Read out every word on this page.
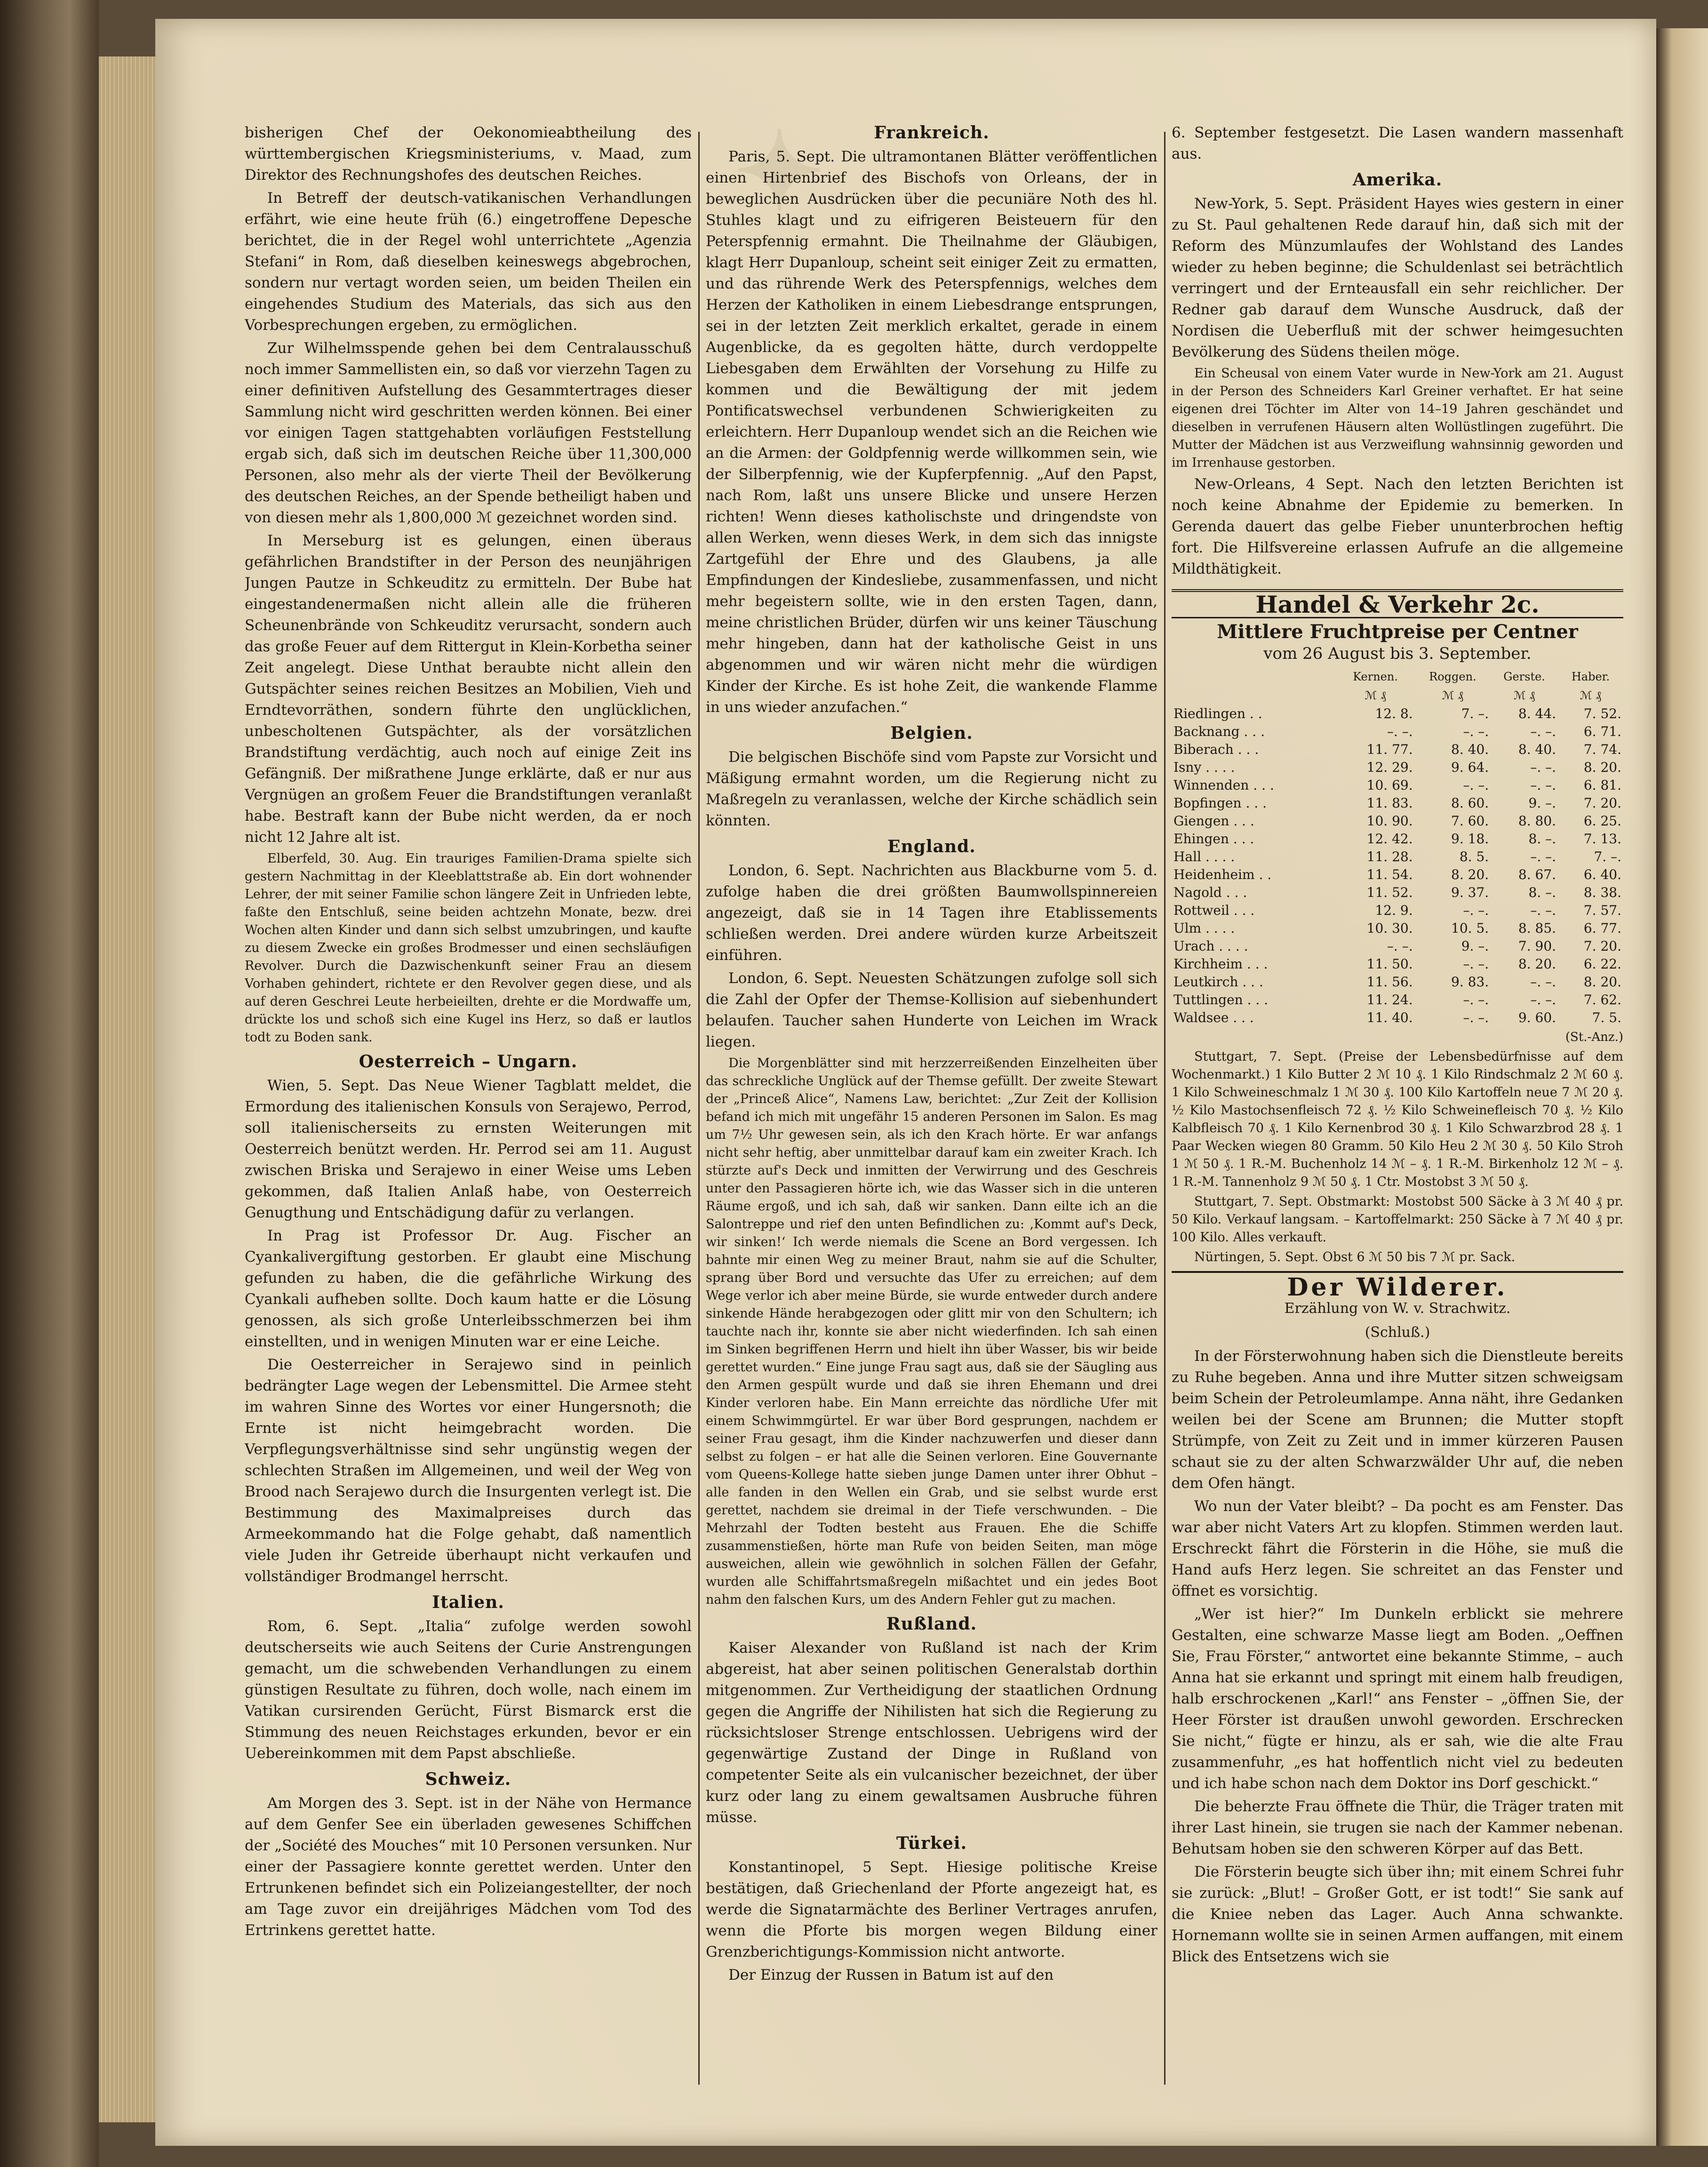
✦

bisherigen Chef der Oekonomieabtheilung des württembergischen Kriegsministeriums, v. Maad, zum Direktor des Rechnungshofes des deutschen Reiches.

In Betreff der deutsch-vatikanischen Verhandlungen erfährt, wie eine heute früh (6.) eingetroffene Depesche berichtet, die in der Regel wohl unterrichtete „Agenzia Stefani“ in Rom, daß dieselben keineswegs abgebrochen, sondern nur vertagt worden seien, um beiden Theilen ein eingehendes Studium des Materials, das sich aus den Vorbesprechungen ergeben, zu ermöglichen.

Zur Wilhelmsspende gehen bei dem Centralausschuß noch immer Sammellisten ein, so daß vor vierzehn Tagen zu einer definitiven Aufstellung des Gesammtertrages dieser Sammlung nicht wird geschritten werden können. Bei einer vor einigen Tagen stattgehabten vorläufigen Feststellung ergab sich, daß sich im deutschen Reiche über 11,300,000 Personen, also mehr als der vierte Theil der Bevölkerung des deutschen Reiches, an der Spende betheiligt haben und von diesen mehr als 1,800,000 ℳ gezeichnet worden sind.

In Merseburg ist es gelungen, einen überaus gefährlichen Brandstifter in der Person des neunjährigen Jungen Pautze in Schkeuditz zu ermitteln. Der Bube hat eingestandenermaßen nicht allein alle die früheren Scheunenbrände von Schkeuditz verursacht, sondern auch das große Feuer auf dem Rittergut in Klein-Korbetha seiner Zeit angelegt. Diese Unthat beraubte nicht allein den Gutspächter seines reichen Besitzes an Mobilien, Vieh und Erndtevorräthen, sondern führte den unglücklichen, unbescholtenen Gutspächter, als der vorsätzlichen Brandstiftung verdächtig, auch noch auf einige Zeit ins Gefängniß. Der mißrathene Junge erklärte, daß er nur aus Vergnügen an großem Feuer die Brandstiftungen veranlaßt habe. Bestraft kann der Bube nicht werden, da er noch nicht 12 Jahre alt ist.

Elberfeld, 30. Aug. Ein trauriges Familien-Drama spielte sich gestern Nachmittag in der Kleeblattstraße ab. Ein dort wohnender Lehrer, der mit seiner Familie schon längere Zeit in Unfrieden lebte, faßte den Entschluß, seine beiden achtzehn Monate, bezw. drei Wochen alten Kinder und dann sich selbst umzubringen, und kaufte zu diesem Zwecke ein großes Brodmesser und einen sechsläufigen Revolver. Durch die Dazwischenkunft seiner Frau an diesem Vorhaben gehindert, richtete er den Revolver gegen diese, und als auf deren Geschrei Leute herbeieilten, drehte er die Mordwaffe um, drückte los und schoß sich eine Kugel ins Herz, so daß er lautlos todt zu Boden sank.

Oesterreich – Ungarn.

Wien, 5. Sept. Das Neue Wiener Tagblatt meldet, die Ermordung des italienischen Konsuls von Serajewo, Perrod, soll italienischerseits zu ernsten Weiterungen mit Oesterreich benützt werden. Hr. Perrod sei am 11. August zwischen Briska und Serajewo in einer Weise ums Leben gekommen, daß Italien Anlaß habe, von Oesterreich Genugthung und Entschädigung dafür zu verlangen.

In Prag ist Professor Dr. Aug. Fischer an Cyankalivergiftung gestorben. Er glaubt eine Mischung gefunden zu haben, die die gefährliche Wirkung des Cyankali aufheben sollte. Doch kaum hatte er die Lösung genossen, als sich große Unterleibsschmerzen bei ihm einstellten, und in wenigen Minuten war er eine Leiche.

Die Oesterreicher in Serajewo sind in peinlich bedrängter Lage wegen der Lebensmittel. Die Armee steht im wahren Sinne des Wortes vor einer Hungersnoth; die Ernte ist nicht heimgebracht worden. Die Verpflegungsverhältnisse sind sehr ungünstig wegen der schlechten Straßen im Allgemeinen, und weil der Weg von Brood nach Serajewo durch die Insurgenten verlegt ist. Die Bestimmung des Maximalpreises durch das Armeekommando hat die Folge gehabt, daß namentlich viele Juden ihr Getreide überhaupt nicht verkaufen und vollständiger Brodmangel herrscht.

Italien.

Rom, 6. Sept. „Italia“ zufolge werden sowohl deutscherseits wie auch Seitens der Curie Anstrengungen gemacht, um die schwebenden Verhandlungen zu einem günstigen Resultate zu führen, doch wolle, nach einem im Vatikan cursirenden Gerücht, Fürst Bismarck erst die Stimmung des neuen Reichstages erkunden, bevor er ein Uebereinkommen mit dem Papst abschließe.

Schweiz.

Am Morgen des 3. Sept. ist in der Nähe von Hermance auf dem Genfer See ein überladen gewesenes Schiffchen der „Société des Mouches“ mit 10 Personen versunken. Nur einer der Passagiere konnte gerettet werden. Unter den Ertrunkenen befindet sich ein Polizeiangestellter, der noch am Tage zuvor ein dreijähriges Mädchen vom Tod des Ertrinkens gerettet hatte.

Frankreich.

Paris, 5. Sept. Die ultramontanen Blätter veröffentlichen einen Hirtenbrief des Bischofs von Orleans, der in beweglichen Ausdrücken über die pecuniäre Noth des hl. Stuhles klagt und zu eifrigeren Beisteuern für den Peterspfennig ermahnt. Die Theilnahme der Gläubigen, klagt Herr Dupanloup, scheint seit einiger Zeit zu ermatten, und das rührende Werk des Peterspfennigs, welches dem Herzen der Katholiken in einem Liebesdrange entsprungen, sei in der letzten Zeit merklich erkaltet, gerade in einem Augenblicke, da es gegolten hätte, durch verdoppelte Liebesgaben dem Erwählten der Vorsehung zu Hilfe zu kommen und die Bewältigung der mit jedem Pontificatswechsel verbundenen Schwierigkeiten zu erleichtern. Herr Dupanloup wendet sich an die Reichen wie an die Armen: der Goldpfennig werde willkommen sein, wie der Silberpfennig, wie der Kupferpfennig. „Auf den Papst, nach Rom, laßt uns unsere Blicke und unsere Herzen richten! Wenn dieses katholischste und dringendste von allen Werken, wenn dieses Werk, in dem sich das innigste Zartgefühl der Ehre und des Glaubens, ja alle Empfindungen der Kindesliebe, zusammenfassen, und nicht mehr begeistern sollte, wie in den ersten Tagen, dann, meine christlichen Brüder, dürfen wir uns keiner Täuschung mehr hingeben, dann hat der katholische Geist in uns abgenommen und wir wären nicht mehr die würdigen Kinder der Kirche. Es ist hohe Zeit, die wankende Flamme in uns wieder anzufachen.“

Belgien.

Die belgischen Bischöfe sind vom Papste zur Vorsicht und Mäßigung ermahnt worden, um die Regierung nicht zu Maßregeln zu veranlassen, welche der Kirche schädlich sein könnten.

England.

London, 6. Sept. Nachrichten aus Blackburne vom 5. d. zufolge haben die drei größten Baumwollspinnereien angezeigt, daß sie in 14 Tagen ihre Etablissements schließen werden. Drei andere würden kurze Arbeitszeit einführen.

London, 6. Sept. Neuesten Schätzungen zufolge soll sich die Zahl der Opfer der Themse-Kollision auf siebenhundert belaufen. Taucher sahen Hunderte von Leichen im Wrack liegen.

Die Morgenblätter sind mit herzzerreißenden Einzelheiten über das schreckliche Unglück auf der Themse gefüllt. Der zweite Stewart der „Princeß Alice“, Namens Law, berichtet: „Zur Zeit der Kollision befand ich mich mit ungefähr 15 anderen Personen im Salon. Es mag um 7½ Uhr gewesen sein, als ich den Krach hörte. Er war anfangs nicht sehr heftig, aber unmittelbar darauf kam ein zweiter Krach. Ich stürzte auf's Deck und inmitten der Verwirrung und des Geschreis unter den Passagieren hörte ich, wie das Wasser sich in die unteren Räume ergoß, und ich sah, daß wir sanken. Dann eilte ich an die Salontreppe und rief den unten Befindlichen zu: ‚Kommt auf's Deck, wir sinken!‘ Ich werde niemals die Scene an Bord vergessen. Ich bahnte mir einen Weg zu meiner Braut, nahm sie auf die Schulter, sprang über Bord und versuchte das Ufer zu erreichen; auf dem Wege verlor ich aber meine Bürde, sie wurde entweder durch andere sinkende Hände herabgezogen oder glitt mir von den Schultern; ich tauchte nach ihr, konnte sie aber nicht wiederfinden. Ich sah einen im Sinken begriffenen Herrn und hielt ihn über Wasser, bis wir beide gerettet wurden.“ Eine junge Frau sagt aus, daß sie der Säugling aus den Armen gespült wurde und daß sie ihren Ehemann und drei Kinder verloren habe. Ein Mann erreichte das nördliche Ufer mit einem Schwimmgürtel. Er war über Bord gesprungen, nachdem er seiner Frau gesagt, ihm die Kinder nachzuwerfen und dieser dann selbst zu folgen – er hat alle die Seinen verloren. Eine Gouvernante vom Queens-Kollege hatte sieben junge Damen unter ihrer Obhut – alle fanden in den Wellen ein Grab, und sie selbst wurde erst gerettet, nachdem sie dreimal in der Tiefe verschwunden. – Die Mehrzahl der Todten besteht aus Frauen. Ehe die Schiffe zusammenstießen, hörte man Rufe von beiden Seiten, man möge ausweichen, allein wie gewöhnlich in solchen Fällen der Gefahr, wurden alle Schiffahrtsmaßregeln mißachtet und ein jedes Boot nahm den falschen Kurs, um des Andern Fehler gut zu machen.

Rußland.

Kaiser Alexander von Rußland ist nach der Krim abgereist, hat aber seinen politischen Generalstab dorthin mitgenommen. Zur Vertheidigung der staatlichen Ordnung gegen die Angriffe der Nihilisten hat sich die Regierung zu rücksichtsloser Strenge entschlossen. Uebrigens wird der gegenwärtige Zustand der Dinge in Rußland von competenter Seite als ein vulcanischer bezeichnet, der über kurz oder lang zu einem gewaltsamen Ausbruche führen müsse.

Türkei.

Konstantinopel, 5 Sept. Hiesige politische Kreise bestätigen, daß Griechenland der Pforte angezeigt hat, es werde die Signatarmächte des Berliner Vertrages anrufen, wenn die Pforte bis morgen wegen Bildung einer Grenzberichtigungs-Kommission nicht antworte.

Der Einzug der Russen in Batum ist auf den

6. September festgesetzt. Die Lasen wandern massenhaft aus.

Amerika.

New-York, 5. Sept. Präsident Hayes wies gestern in einer zu St. Paul gehaltenen Rede darauf hin, daß sich mit der Reform des Münzumlaufes der Wohlstand des Landes wieder zu heben beginne; die Schuldenlast sei beträchtlich verringert und der Ernteausfall ein sehr reichlicher. Der Redner gab darauf dem Wunsche Ausdruck, daß der Nordisen die Ueberfluß mit der schwer heimgesuchten Bevölkerung des Südens theilen möge.

Ein Scheusal von einem Vater wurde in New-York am 21. August in der Person des Schneiders Karl Greiner verhaftet. Er hat seine eigenen drei Töchter im Alter von 14–19 Jahren geschändet und dieselben in verrufenen Häusern alten Wollüstlingen zugeführt. Die Mutter der Mädchen ist aus Verzweiflung wahnsinnig geworden und im Irrenhause gestorben.

New-Orleans, 4 Sept. Nach den letzten Berichten ist noch keine Abnahme der Epidemie zu bemerken. In Gerenda dauert das gelbe Fieber ununterbrochen heftig fort. Die Hilfsvereine erlassen Aufrufe an die allgemeine Mildthätigkeit.

Handel & Verkehr 2c.
Mittlere Fruchtpreise per Centner
vom 26 August bis 3. September.
	Kernen.	Roggen.	Gerste.	Haber.
	ℳ ₰	ℳ ₰	ℳ ₰	ℳ ₰
Riedlingen . .	12. 8.	7. –.	8. 44.	7. 52.
Backnang . . .	–. –.	–. –.	–. –.	6. 71.
Biberach . . .	11. 77.	8. 40.	8. 40.	7. 74.
Isny . . . .	12. 29.	9. 64.	–. –.	8. 20.
Winnenden . . .	10. 69.	–. –.	–. –.	6. 81.
Bopfingen . . .	11. 83.	8. 60.	9. –.	7. 20.
Giengen . . .	10. 90.	7. 60.	8. 80.	6. 25.
Ehingen . . .	12. 42.	9. 18.	8. –.	7. 13.
Hall . . . .	11. 28.	8. 5.	–. –.	7. –.
Heidenheim . .	11. 54.	8. 20.	8. 67.	6. 40.
Nagold . . .	11. 52.	9. 37.	8. –.	8. 38.
Rottweil . . .	12. 9.	–. –.	–. –.	7. 57.
Ulm . . . .	10. 30.	10. 5.	8. 85.	6. 77.
Urach . . . .	–. –.	9. –.	7. 90.	7. 20.
Kirchheim . . .	11. 50.	–. –.	8. 20.	6. 22.
Leutkirch . . .	11. 56.	9. 83.	–. –.	8. 20.
Tuttlingen . . .	11. 24.	–. –.	–. –.	7. 62.
Waldsee . . .	11. 40.	–. –.	9. 60.	7. 5.
(St.-Anz.)

Stuttgart, 7. Sept. (Preise der Lebensbedürfnisse auf dem Wochenmarkt.) 1 Kilo Butter 2 ℳ 10 ₰. 1 Kilo Rindschmalz 2 ℳ 60 ₰. 1 Kilo Schweineschmalz 1 ℳ 30 ₰. 100 Kilo Kartoffeln neue 7 ℳ 20 ₰. ½ Kilo Mastochsenfleisch 72 ₰. ½ Kilo Schweinefleisch 70 ₰. ½ Kilo Kalbfleisch 70 ₰. 1 Kilo Kernenbrod 30 ₰. 1 Kilo Schwarzbrod 28 ₰. 1 Paar Wecken wiegen 80 Gramm. 50 Kilo Heu 2 ℳ 30 ₰. 50 Kilo Stroh 1 ℳ 50 ₰. 1 R.-M. Buchenholz 14 ℳ – ₰. 1 R.-M. Birkenholz 12 ℳ – ₰. 1 R.-M. Tannenholz 9 ℳ 50 ₰. 1 Ctr. Mostobst 3 ℳ 50 ₰.

Stuttgart, 7. Sept. Obstmarkt: Mostobst 500 Säcke à 3 ℳ 40 ₰ pr. 50 Kilo. Verkauf langsam. – Kartoffelmarkt: 250 Säcke à 7 ℳ 40 ₰ pr. 100 Kilo. Alles verkauft.

Nürtingen, 5. Sept. Obst 6 ℳ 50 bis 7 ℳ pr. Sack.

Der Wilderer.
Erzählung von W. v. Strachwitz.
(Schluß.)

In der Försterwohnung haben sich die Dienstleute bereits zu Ruhe begeben. Anna und ihre Mutter sitzen schweigsam beim Schein der Petroleumlampe. Anna näht, ihre Gedanken weilen bei der Scene am Brunnen; die Mutter stopft Strümpfe, von Zeit zu Zeit und in immer kürzeren Pausen schaut sie zu der alten Schwarzwälder Uhr auf, die neben dem Ofen hängt.

Wo nun der Vater bleibt? – Da pocht es am Fenster. Das war aber nicht Vaters Art zu klopfen. Stimmen werden laut. Erschreckt fährt die Försterin in die Höhe, sie muß die Hand aufs Herz legen. Sie schreitet an das Fenster und öffnet es vorsichtig.

„Wer ist hier?“ Im Dunkeln erblickt sie mehrere Gestalten, eine schwarze Masse liegt am Boden. „Oeffnen Sie, Frau Förster,“ antwortet eine bekannte Stimme, – auch Anna hat sie erkannt und springt mit einem halb freudigen, halb erschrockenen „Karl!“ ans Fenster – „öffnen Sie, der Heer Förster ist draußen unwohl geworden. Erschrecken Sie nicht,“ fügte er hinzu, als er sah, wie die alte Frau zusammenfuhr, „es hat hoffentlich nicht viel zu bedeuten und ich habe schon nach dem Doktor ins Dorf geschickt.“

Die beherzte Frau öffnete die Thür, die Träger traten mit ihrer Last hinein, sie trugen sie nach der Kammer nebenan. Behutsam hoben sie den schweren Körper auf das Bett.

Die Försterin beugte sich über ihn; mit einem Schrei fuhr sie zurück: „Blut! – Großer Gott, er ist todt!“ Sie sank auf die Kniee neben das Lager. Auch Anna schwankte. Hornemann wollte sie in seinen Armen auffangen, mit einem Blick des Entsetzens wich sie
